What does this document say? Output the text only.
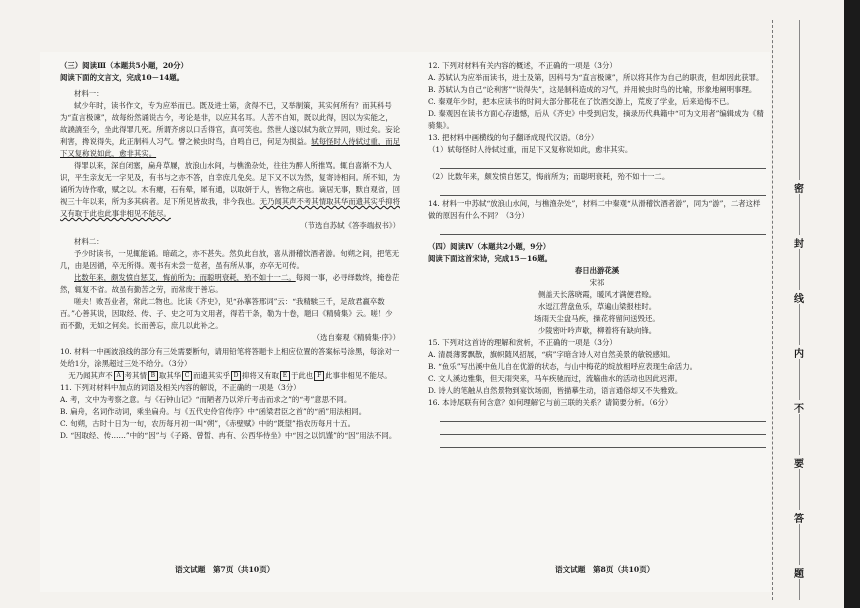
（三）阅读Ⅲ（本题共5小题，20分）

阅读下面的文言文，完成10－14题。

材料一：

轼少年时，读书作文，专为应举而已。既及进士第，贪得不已，又举制策，其实何所有？而其科号为“直言极谏”，故每纷然诵说古今，考论是非，以应其名耳。人苦不自知，既以此得，因以为实能之，故譊譊至今，坐此得罪几死。所谓齐虏以口舌得官，真可笑也。然世人遂以轼为欲立异同，则过矣。妄论利害，搀说得失，此正制科人习气。譬之候虫时鸟，自鸣自已，何足为损益。轼每怪时人待轼过重，而足下又复称说如此，愈非其实。

得罪以来，深自闭塞，扁舟草屦，放浪山水间，与樵渔杂处，往往为醉人所推骂。辄自喜渐不为人识，平生亲友无一字见及，有书与之亦不答，自幸庶几免矣。足下又不以为然，复寄诗相问。所不知，为诵所为诗作歌，赋之以。木有瘿，石有晕，犀有通，以取妍于人，皆物之病也。谪居无事，默自观省，回视三十年以来，所为多其病者。足下所见皆故我，非今我也。无乃闻其声不考其情取其华而遗其实乎抑将又有取于此也此事非相见不能尽。

（节选自苏轼《答李端叔书》）

材料二：

予少时读书，一见辄能诵。暗疏之，亦不甚失。然负此自放，喜从滑稽饮酒者游。旬朔之间，把笔无几，由是因循，卒无所得。观书有未尝一览者，虽有所从事，亦卒无可传。

比数年来，颇发愤自惩艾，悔前所为；而聪明衰耗，殆不如十一二。每阅一事，必寻绎数终，掩卷茫然，辄复不省。故虽有勤苦之劳，而常废于善忘。

嗟夫！败吾业者，常此二物也。比读《齐史》，见“孙搴答邢词”云：“我精騃三千，足敌君羸卒数百。”心善其说，因取经、传、子、史之可为文用者，得若干条，勒为十卷，题曰《精骑集》云。嗟！少而不勤，无如之何矣。长而善忘，庶几以此补之。

（选自秦观《精骑集·序》）

10. 材料一中画波浪线的部分有三处需要断句，请用铅笔将答题卡上相应位置的答案标号涂黑，每涂对一处给1分，涂黑超过三处不给分。（3分）

无乃闻其声不 A 考其情 B 取其华 C 而遗其实乎 D 抑将又有取 E 于此也 F 此事非相见不能尽。

11. 下列对材料中加点的词语及相关内容的解说，不正确的一项是（3分）

A. 考，文中为考察之意。与《石钟山记》“而陋者乃以斧斤考击而求之”的“考”意思不同。

B. 扁舟，名词作动词，乘坐扁舟。与《五代史伶官传序》中“函梁君臣之首”的“函”用法相同。

C. 旬朔，古时十日为一旬，农历每月初一叫“朔”，《赤壁赋》中的“既望”指农历每月十五。

D. “因取经、传……”中的“因”与《子路、曾皙、冉有、公西华侍坐》中“因之以饥馑”的“因”用法不同。

12. 下列对材料有关内容的概述，不正确的一项是（3分）

A. 苏轼认为应举而读书，进士及第，因科号为“直言极谏”，所以将其作为自己的职责，但却因此获罪。

B. 苏轼认为自己“论利害”“说得失”，这是制科造成的习气，并用候虫时鸟的比喻，形象地阐明事理。

C. 秦观年少时，把本应读书的时间大部分都花在了饮酒交游上，荒废了学业，后来追悔不已。

D. 秦观因在读书方面心存遗憾，后从《齐史》中受到启发，摘录历代典籍中“可为文用者”编辑成为《精骑集》。

13. 把材料中画横线的句子翻译成现代汉语。（8分）

（1）轼每怪时人待轼过重，而足下又复称说如此，愈非其实。

（2）比数年来，颇发愤自惩艾，悔前所为；而聪明衰耗，殆不如十一二。

14. 材料一中苏轼“放浪山水间，与樵渔杂处”，材料二中秦观“从滑稽饮酒者游”，同为“游”，二者这样做的原因有什么不同？（3分）

（四）阅读Ⅳ（本题共2小题，9分）

阅读下面这首宋诗，完成15－16题。

春日出游花溪

宋祁

侧盖天长落晓霞，暖风才满便君赊。

水逗江营盘鱼乐，草遍山梁报桂时。

场雨天尘盘马疾，操花将留问送毁还。

少陵密叶吟声歇，柳着将有缺向锋。

15. 下列对这首诗的理解和赏析，不正确的一项是（3分）

A. 清晨薄雾飘散，旗帜随风招展，“病”字暗含诗人对自然美景的敏锐感知。

B. “鱼乐”写出溪中鱼儿自在优游的状态，与山中梅花的绽放相呼应表现生命活力。

C. 文人溪边雅集，但天雨突来，马车疾驰而过，流觞曲水的活动也因此迟滞。

D. 诗人的笔触从自然景物到宴饮场面，皆描摹生动，语言通俗却又不失雅致。

16. 本诗尾联有何含意？如何理解它与前三联的关系？请简要分析。（6分）

语文试题　第7页（共10页）	语文试题　第8页（共10页）
密
封
线
内
不
要
答
题
